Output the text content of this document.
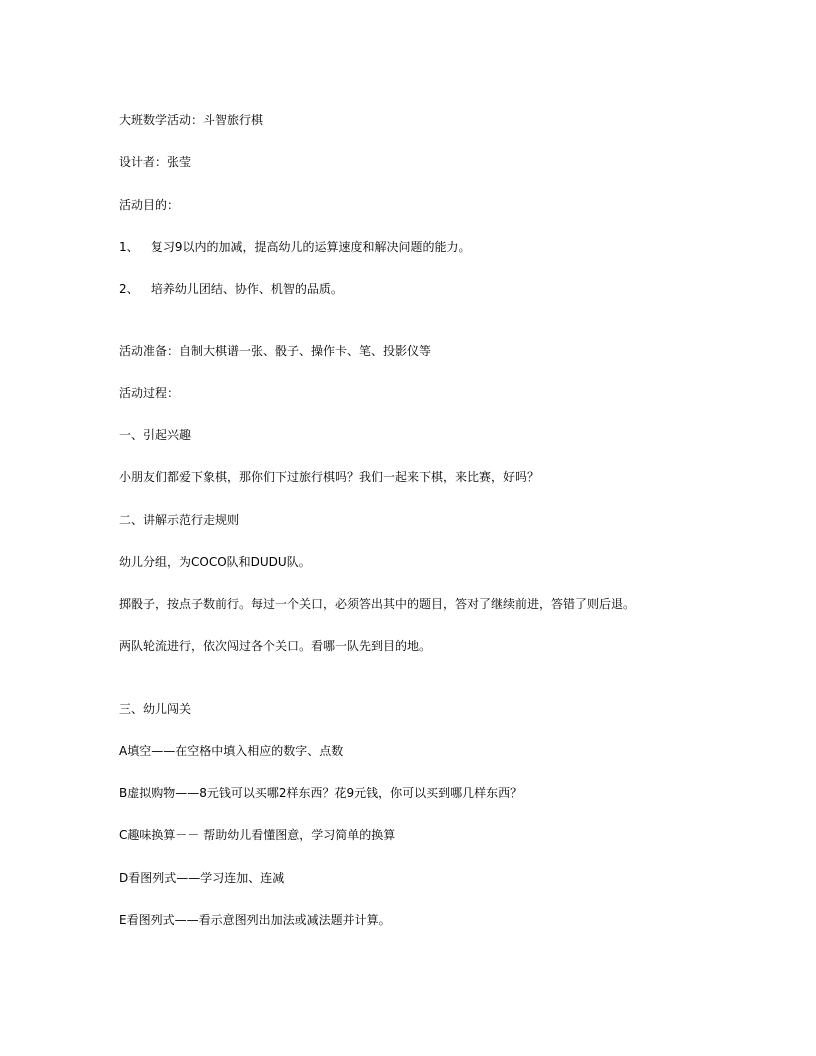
大班数学活动：斗智旅行棋
设计者：张莹
活动目的：
1、 复习9以内的加减，提高幼儿的运算速度和解决问题的能力。
2、 培养幼儿团结、协作、机智的品质。
活动准备：自制大棋谱一张、骰子、操作卡、笔、投影仪等
活动过程：
一、引起兴趣
小朋友们都爱下象棋，那你们下过旅行棋吗？我们一起来下棋，来比赛，好吗？
二、讲解示范行走规则
幼儿分组，为COCO队和DUDU队。
掷骰子，按点子数前行。每过一个关口，必须答出其中的题目，答对了继续前进，答错了则后退。
两队轮流进行，依次闯过各个关口。看哪一队先到目的地。
三、幼儿闯关
A填空——在空格中填入相应的数字、点数
B虚拟购物——8元钱可以买哪2样东西？花9元钱，你可以买到哪几样东西？
C趣味换算－－ 帮助幼儿看懂图意，学习简单的换算
D看图列式——学习连加、连减
E看图列式——看示意图列出加法或减法题并计算。
